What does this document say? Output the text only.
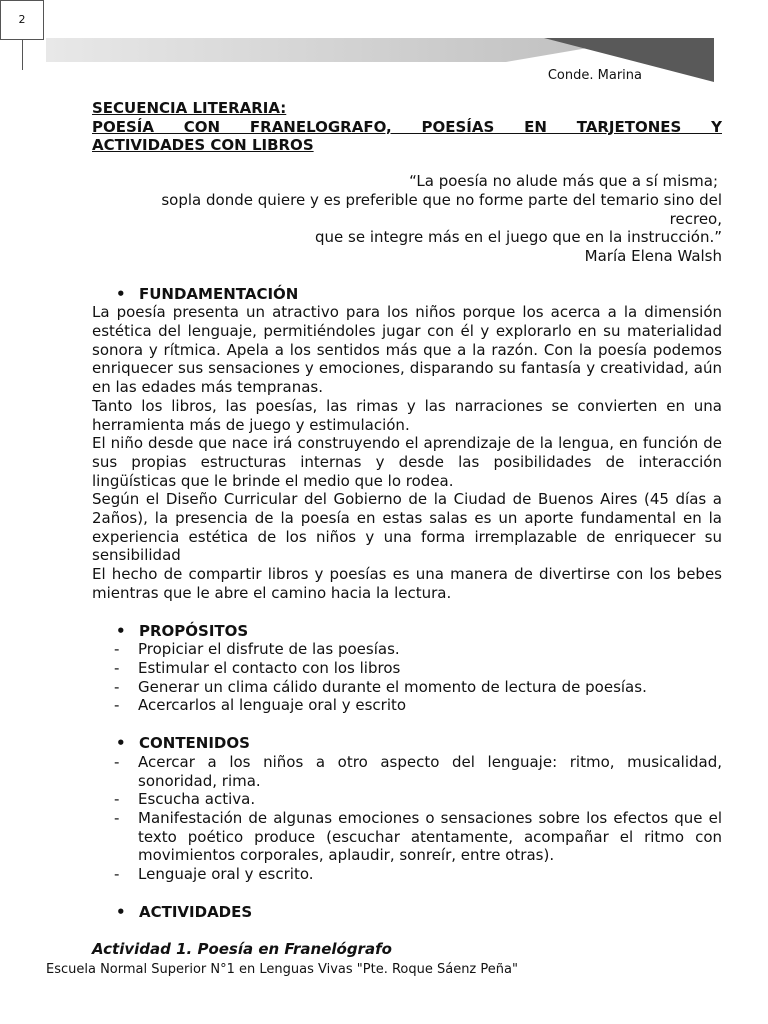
2
Conde. Marina

SECUENCIA LITERARIA:

POESÍA CON FRANELOGRAFO, POESÍAS EN TARJETONES Y

ACTIVIDADES CON LIBROS

“La poesía no alude más que a sí misma;
sopla donde quiere y es preferible que no forme parte del temario sino del
recreo,
que se integre más en el juego que en la instrucción.”
María Elena Walsh
• FUNDAMENTACIÓN

La poesía presenta un atractivo para los niños porque los acerca a la dimensión estética del lenguaje, permitiéndoles jugar con él y explorarlo en su materialidad sonora y rítmica. Apela a los sentidos más que a la razón. Con la poesía podemos enriquecer sus sensaciones y emociones, disparando su fantasía y creatividad, aún en las edades más tempranas.

Tanto los libros, las poesías, las rimas y las narraciones se convierten en una herramienta más de juego y estimulación.

El niño desde que nace irá construyendo el aprendizaje de la lengua, en función de sus propias estructuras internas y desde las posibilidades de interacción lingüísticas que le brinde el medio que lo rodea.

Según el Diseño Curricular del Gobierno de la Ciudad de Buenos Aires (45 días a 2años), la presencia de la poesía en estas salas es un aporte fundamental en la experiencia estética de los niños y una forma irremplazable de enriquecer su sensibilidad

El hecho de compartir libros y poesías es una manera de divertirse con los bebes mientras que le abre el camino hacia la lectura.

• PROPÓSITOS
-	Propiciar el disfrute de las poesías.
-	Estimular el contacto con los libros
-	Generar un clima cálido durante el momento de lectura de poesías.
-	Acercarlos al lenguaje oral y escrito
• CONTENIDOS
-	Acercar a los niños a otro aspecto del lenguaje: ritmo, musicalidad, sonoridad, rima.
-	Escucha activa.
-	Manifestación de algunas emociones o sensaciones sobre los efectos que el texto poético produce (escuchar atentamente, acompañar el ritmo con movimientos corporales, aplaudir, sonreír, entre otras).
-	Lenguaje oral y escrito.
• ACTIVIDADES

Actividad 1. Poesía en Franelógrafo

Escuela Normal Superior N°1 en Lenguas Vivas "Pte. Roque Sáenz Peña"
